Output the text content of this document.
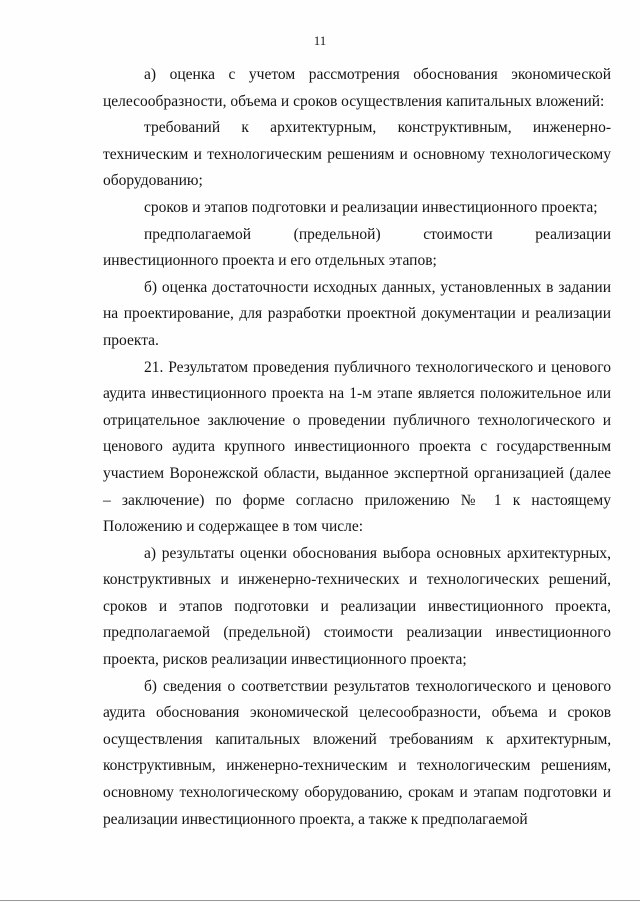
11

а) оценка с учетом рассмотрения обоснования экономической целесообразности, объема и сроков осуществления капитальных вложений:

требований к архитектурным, конструктивным, инженерно-техническим и технологическим решениям и основному технологическому оборудованию;

сроков и этапов подготовки и реализации инвестиционного проекта;

предполагаемой (предельной) стоимости реализации инвестиционного проекта и его отдельных этапов;

б) оценка достаточности исходных данных, установленных в задании на проектирование, для разработки проектной документации и реализации проекта.

21. Результатом проведения публичного технологического и ценового аудита инвестиционного проекта на 1-м этапе является положительное или отрицательное заключение о проведении публичного технологического и ценового аудита крупного инвестиционного проекта с государственным участием Воронежской области, выданное экспертной организацией (далее – заключение) по форме согласно приложению № 1 к настоящему Положению и содержащее в том числе:

а) результаты оценки обоснования выбора основных архитектурных, конструктивных и инженерно-технических и технологических решений, сроков и этапов подготовки и реализации инвестиционного проекта, предполагаемой (предельной) стоимости реализации инвестиционного проекта, рисков реализации инвестиционного проекта;

б) сведения о соответствии результатов технологического и ценового аудита обоснования экономической целесообразности, объема и сроков осуществления капитальных вложений требованиям к архитектурным, конструктивным, инженерно-техническим и технологическим решениям, основному технологическому оборудованию, срокам и этапам подготовки и реализации инвестиционного проекта, а также к предполагаемой
